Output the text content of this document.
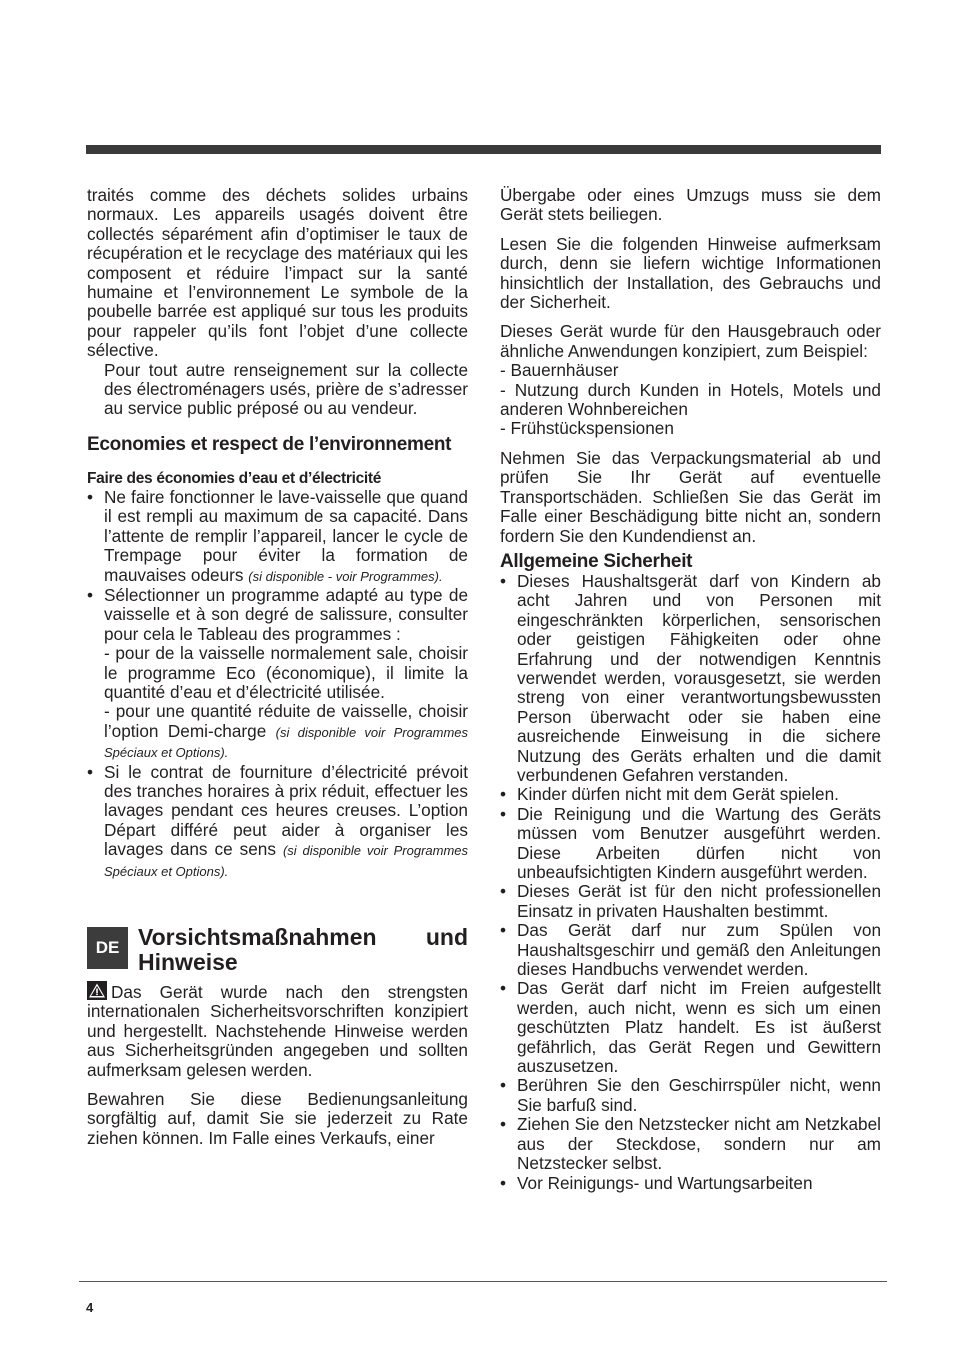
traités comme des déchets solides urbains normaux. Les appareils usagés doivent être collectés séparément afin d’optimiser le taux de récupération et le recyclage des matériaux qui les composent et réduire l’impact sur la santé humaine et l’environnement Le symbole de la poubelle barrée est appliqué sur tous les produits pour rappeler qu’ils font l’objet d’une collecte sélective.

Pour tout autre renseignement sur la collecte des électroménagers usés, prière de s’adresser au service public préposé ou au vendeur.

Economies et respect de l’environnement
Faire des économies d’eau et d’électricité
• Ne faire fonctionner le lave-vaisselle que quand il est rempli au maximum de sa capacité. Dans l’attente de remplir l’appareil, lancer le cycle de Trempage pour éviter la formation de mauvaises odeurs (si disponible - voir Programmes).
• Sélectionner un programme adapté au type de vaisselle et à son degré de salissure, consulter pour cela le Tableau des programmes :
- pour de la vaisselle normalement sale, choisir le programme Eco (économique), il limite la quantité d’eau et d’électricité utilisée.
- pour une quantité réduite de vaisselle, choisir l’option Demi-charge (si disponible voir Programmes Spéciaux et Options).
• Si le contrat de fourniture d’électricité prévoit des tranches horaires à prix réduit, effectuer les lavages pendant ces heures creuses. L’option Départ différé peut aider à organiser les lavages dans ce sens (si disponible voir Programmes Spéciaux et Options).
DE Vorsichtsmaßnahmen und
Hinweise

Das Gerät wurde nach den strengsten internationalen Sicherheitsvorschriften konzipiert und hergestellt. Nachstehende Hinweise werden aus Sicherheitsgründen angegeben und sollten aufmerksam gelesen werden.

Bewahren Sie diese Bedienungsanleitung sorgfältig auf, damit Sie sie jederzeit zu Rate ziehen können. Im Falle eines Verkaufs, einer

Übergabe oder eines Umzugs muss sie dem Gerät stets beiliegen.

Lesen Sie die folgenden Hinweise aufmerksam durch, denn sie liefern wichtige Informationen hinsichtlich der Installation, des Gebrauchs und der Sicherheit.

Dieses Gerät wurde für den Hausgebrauch oder ähnliche Anwendungen konzipiert, zum Beispiel:
- Bauernhäuser
- Nutzung durch Kunden in Hotels, Motels und anderen Wohnbereichen
- Frühstückspensionen

Nehmen Sie das Verpackungsmaterial ab und prüfen Sie Ihr Gerät auf eventuelle Transportschäden. Schließen Sie das Gerät im Falle einer Beschädigung bitte nicht an, sondern fordern Sie den Kundendienst an.

Allgemeine Sicherheit
• Dieses Haushaltsgerät darf von Kindern ab acht Jahren und von Personen mit eingeschränkten körperlichen, sensorischen oder geistigen Fähigkeiten oder ohne Erfahrung und der notwendigen Kenntnis verwendet werden, vorausgesetzt, sie werden streng von einer verantwortungsbewussten Person überwacht oder sie haben eine ausreichende Einweisung in die sichere Nutzung des Geräts erhalten und die damit verbundenen Gefahren verstanden.
• Kinder dürfen nicht mit dem Gerät spielen.
• Die Reinigung und die Wartung des Geräts müssen vom Benutzer ausgeführt werden. Diese Arbeiten dürfen nicht von unbeaufsichtigten Kindern ausgeführt werden.
• Dieses Gerät ist für den nicht professionellen Einsatz in privaten Haushalten bestimmt.
• Das Gerät darf nur zum Spülen von Haushaltsgeschirr und gemäß den Anleitungen dieses Handbuchs verwendet werden.
• Das Gerät darf nicht im Freien aufgestellt werden, auch nicht, wenn es sich um einen geschützten Platz handelt. Es ist äußerst gefährlich, das Gerät Regen und Gewittern auszusetzen.
• Berühren Sie den Geschirrspüler nicht, wenn Sie barfuß sind.
• Ziehen Sie den Netzstecker nicht am Netzkabel aus der Steckdose, sondern nur am Netzstecker selbst.
• Vor Reinigungs- und Wartungsarbeiten
4
